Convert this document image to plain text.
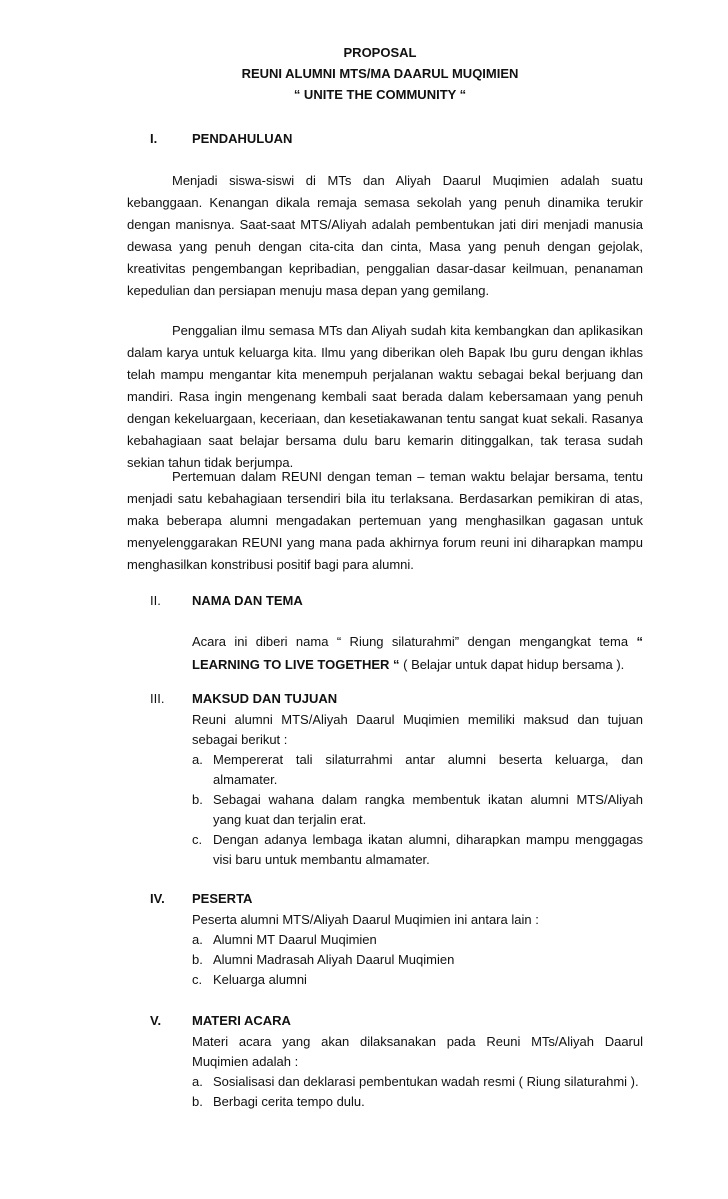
PROPOSAL
REUNI ALUMNI MTS/MA DAARUL MUQIMIEN
“ UNITE THE COMMUNITY “
I.	PENDAHULUAN

Menjadi siswa-siswi di MTs dan Aliyah Daarul Muqimien adalah suatu kebanggaan. Kenangan dikala remaja semasa sekolah yang penuh dinamika terukir dengan manisnya. Saat-saat MTS/Aliyah adalah pembentukan jati diri menjadi manusia dewasa yang penuh dengan cita-cita dan cinta, Masa yang penuh dengan gejolak, kreativitas pengembangan kepribadian, penggalian dasar-dasar keilmuan, penanaman kepedulian dan persiapan menuju masa depan yang gemilang.

Penggalian ilmu semasa MTs dan Aliyah sudah kita kembangkan dan aplikasikan dalam karya untuk keluarga kita. Ilmu yang diberikan oleh Bapak Ibu guru dengan ikhlas telah mampu mengantar kita menempuh perjalanan waktu sebagai bekal berjuang dan mandiri. Rasa ingin mengenang kembali saat berada dalam kebersamaan yang penuh dengan kekeluargaan, keceriaan, dan kesetiakawanan tentu sangat kuat sekali. Rasanya kebahagiaan saat belajar bersama dulu baru kemarin ditinggalkan, tak terasa sudah sekian tahun tidak berjumpa.

Pertemuan dalam REUNI dengan teman – teman waktu belajar bersama, tentu menjadi satu kebahagiaan tersendiri bila itu terlaksana. Berdasarkan pemikiran di atas, maka beberapa alumni mengadakan pertemuan yang menghasilkan gagasan untuk menyelenggarakan REUNI yang mana pada akhirnya forum reuni ini diharapkan mampu menghasilkan konstribusi positif bagi para alumni.

II. NAMA DAN TEMA

Acara ini diberi nama “ Riung silaturahmi” dengan mengangkat tema “ LEARNING TO LIVE TOGETHER “ ( Belajar untuk dapat hidup bersama ).

III. MAKSUD DAN TUJUAN

Reuni alumni MTS/Aliyah Daarul Muqimien memiliki maksud dan tujuan sebagai berikut :

a. Mempererat tali silaturrahmi antar alumni beserta keluarga, dan almamater.
b. Sebagai wahana dalam rangka membentuk ikatan alumni MTS/Aliyah yang kuat dan terjalin erat.
c. Dengan adanya lembaga ikatan alumni, diharapkan mampu menggagas visi baru untuk membantu almamater.
IV. PESERTA

Peserta alumni MTS/Aliyah Daarul Muqimien ini antara lain :

a. Alumni MT Daarul Muqimien
b. Alumni Madrasah Aliyah Daarul Muqimien
c. Keluarga alumni
V. MATERI ACARA

Materi acara yang akan dilaksanakan pada Reuni MTs/Aliyah Daarul Muqimien adalah :

a. Sosialisasi dan deklarasi pembentukan wadah resmi ( Riung silaturahmi ).
b. Berbagi cerita tempo dulu.
